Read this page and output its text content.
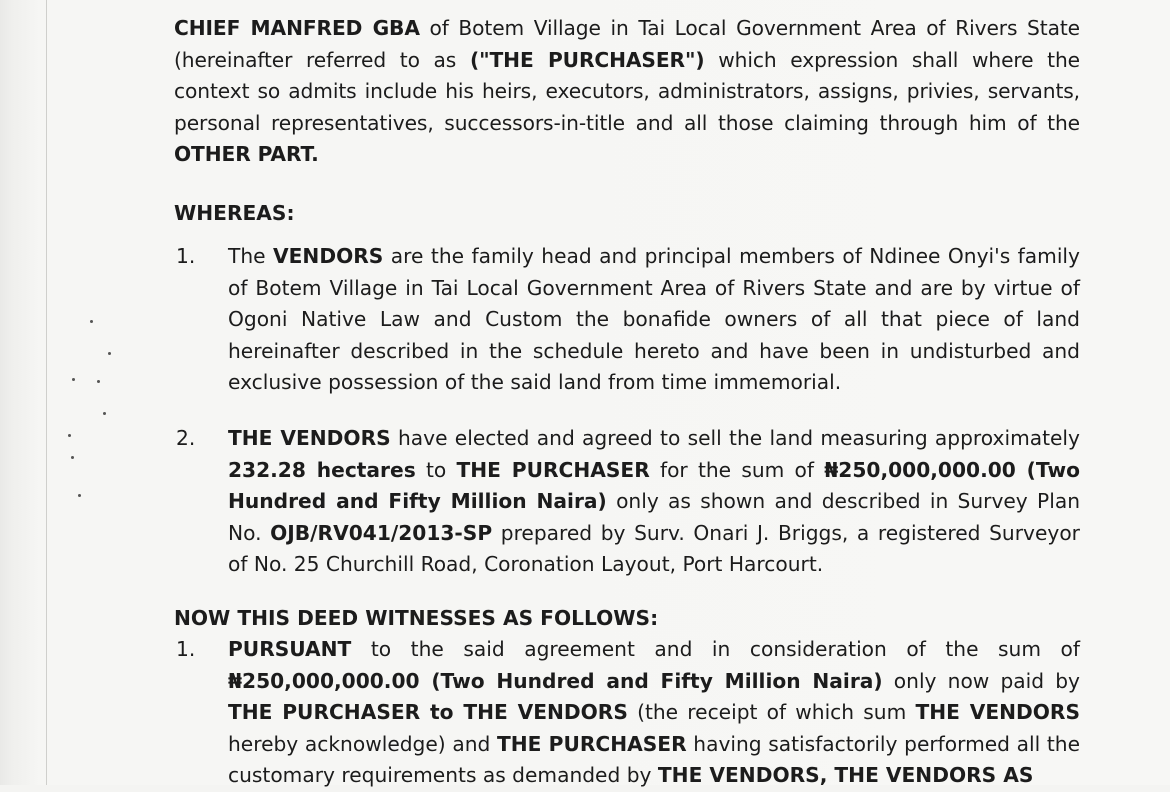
CHIEF MANFRED GBA of Botem Village in Tai Local Government Area of Rivers State (hereinafter referred to as ("THE PURCHASER") which expression shall where the context so admits include his heirs, executors, administrators, assigns, privies, servants, personal representatives, successors-in-title and all those claiming through him of the OTHER PART.

WHEREAS:
1. The VENDORS are the family head and principal members of Ndinee Onyi's family of Botem Village in Tai Local Government Area of Rivers State and are by virtue of Ogoni Native Law and Custom the bonafide owners of all that piece of land hereinafter described in the schedule hereto and have been in undisturbed and exclusive possession of the said land from time immemorial.

2. THE VENDORS have elected and agreed to sell the land measuring approximately 232.28 hectares to THE PURCHASER for the sum of ₦250,000,000.00 (Two Hundred and Fifty Million Naira) only as shown and described in Survey Plan No. OJB/RV041/2013-SP prepared by Surv. Onari J. Briggs, a registered Surveyor of No. 25 Churchill Road, Coronation Layout, Port Harcourt.

NOW THIS DEED WITNESSES AS FOLLOWS:
1. PURSUANT to the said agreement and in consideration of the sum of ₦250,000,000.00 (Two Hundred and Fifty Million Naira) only now paid by THE PURCHASER to THE VENDORS (the receipt of which sum THE VENDORS hereby acknowledge) and THE PURCHASER having satisfactorily performed all the customary requirements as demanded by THE VENDORS, THE VENDORS AS
